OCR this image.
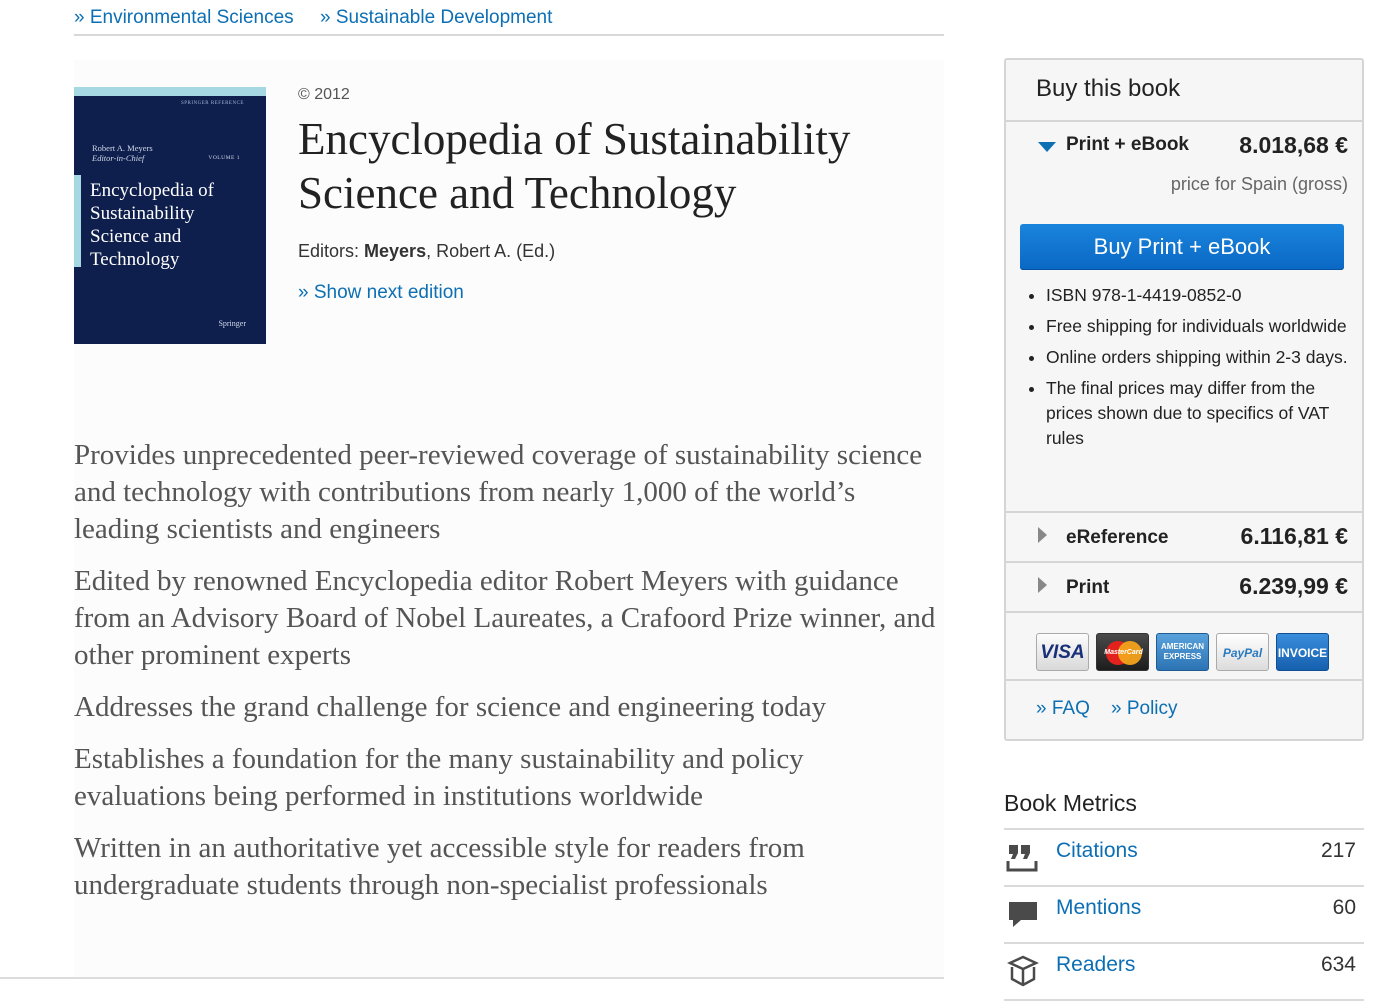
» Environmental Sciences » Sustainable Development
SPRINGER REFERENCE
Robert A. Meyers
Editor-in-Chief	VOLUME 1
Encyclopedia of Sustainability Science and Technology
Springer
© 2012
Encyclopedia of Sustainability Science and Technology
Editors: Meyers, Robert A. (Ed.)
» Show next edition
Provides unprecedented peer-reviewed coverage of sustainability science and technology with contributions from nearly 1,000 of the world’s leading scientists and engineers
Edited by renowned Encyclopedia editor Robert Meyers with guidance from an Advisory Board of Nobel Laureates, a Crafoord Prize winner, and other prominent experts
Addresses the grand challenge for science and engineering today
Establishes a foundation for the many sustainability and policy evaluations being performed in institutions worldwide
Written in an authoritative yet accessible style for readers from undergraduate students through non-specialist professionals
Buy this book
Print + eBook 8.018,68 €
price for Spain (gross)
Buy Print + eBook
• ISBN 978-1-4419-0852-0
• Free shipping for individuals worldwide
• Online orders shipping within 2-3 days.
• The final prices may differ from the prices shown due to specifics of VAT rules
eReference	6.116,81 €
Print	6.239,99 €
VISA	MasterCard
AMERICAN EXPRESS	PayPal	INVOICE
» FAQ » Policy
Book Metrics
Citations	217
Mentions	60
Readers	634
